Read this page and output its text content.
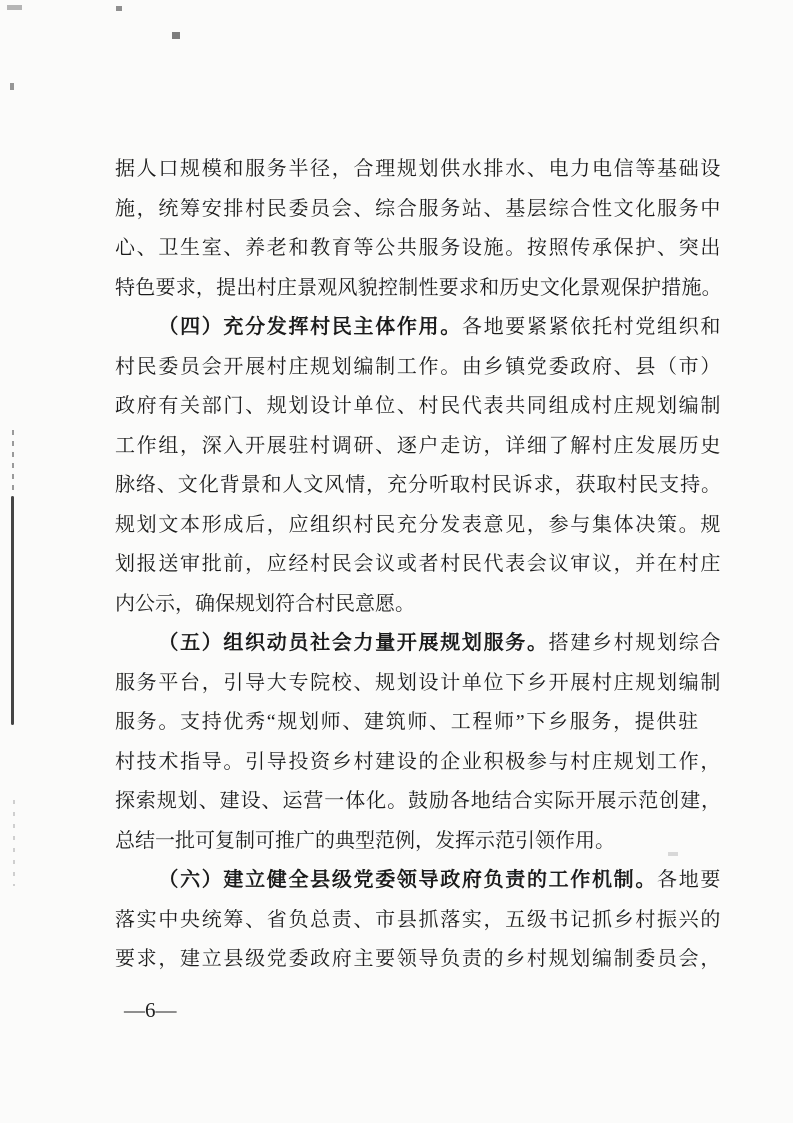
据人口规模和服务半径，合理规划供水排水、电力电信等基础设
施，统筹安排村民委员会、综合服务站、基层综合性文化服务中
心、卫生室、养老和教育等公共服务设施。按照传承保护、突出
特色要求，提出村庄景观风貌控制性要求和历史文化景观保护措施。
（四）充分发挥村民主体作用。各地要紧紧依托村党组织和
村民委员会开展村庄规划编制工作。由乡镇党委政府、县（市）
政府有关部门、规划设计单位、村民代表共同组成村庄规划编制
工作组，深入开展驻村调研、逐户走访，详细了解村庄发展历史
脉络、文化背景和人文风情，充分听取村民诉求，获取村民支持。
规划文本形成后，应组织村民充分发表意见，参与集体决策。规
划报送审批前，应经村民会议或者村民代表会议审议，并在村庄
内公示，确保规划符合村民意愿。
（五）组织动员社会力量开展规划服务。搭建乡村规划综合
服务平台，引导大专院校、规划设计单位下乡开展村庄规划编制
服务。支持优秀“规划师、建筑师、工程师”下乡服务，提供驻
村技术指导。引导投资乡村建设的企业积极参与村庄规划工作，
探索规划、建设、运营一体化。鼓励各地结合实际开展示范创建，
总结一批可复制可推广的典型范例，发挥示范引领作用。
（六）建立健全县级党委领导政府负责的工作机制。各地要
落实中央统筹、省负总责、市县抓落实，五级书记抓乡村振兴的
要求，建立县级党委政府主要领导负责的乡村规划编制委员会，
—6—
